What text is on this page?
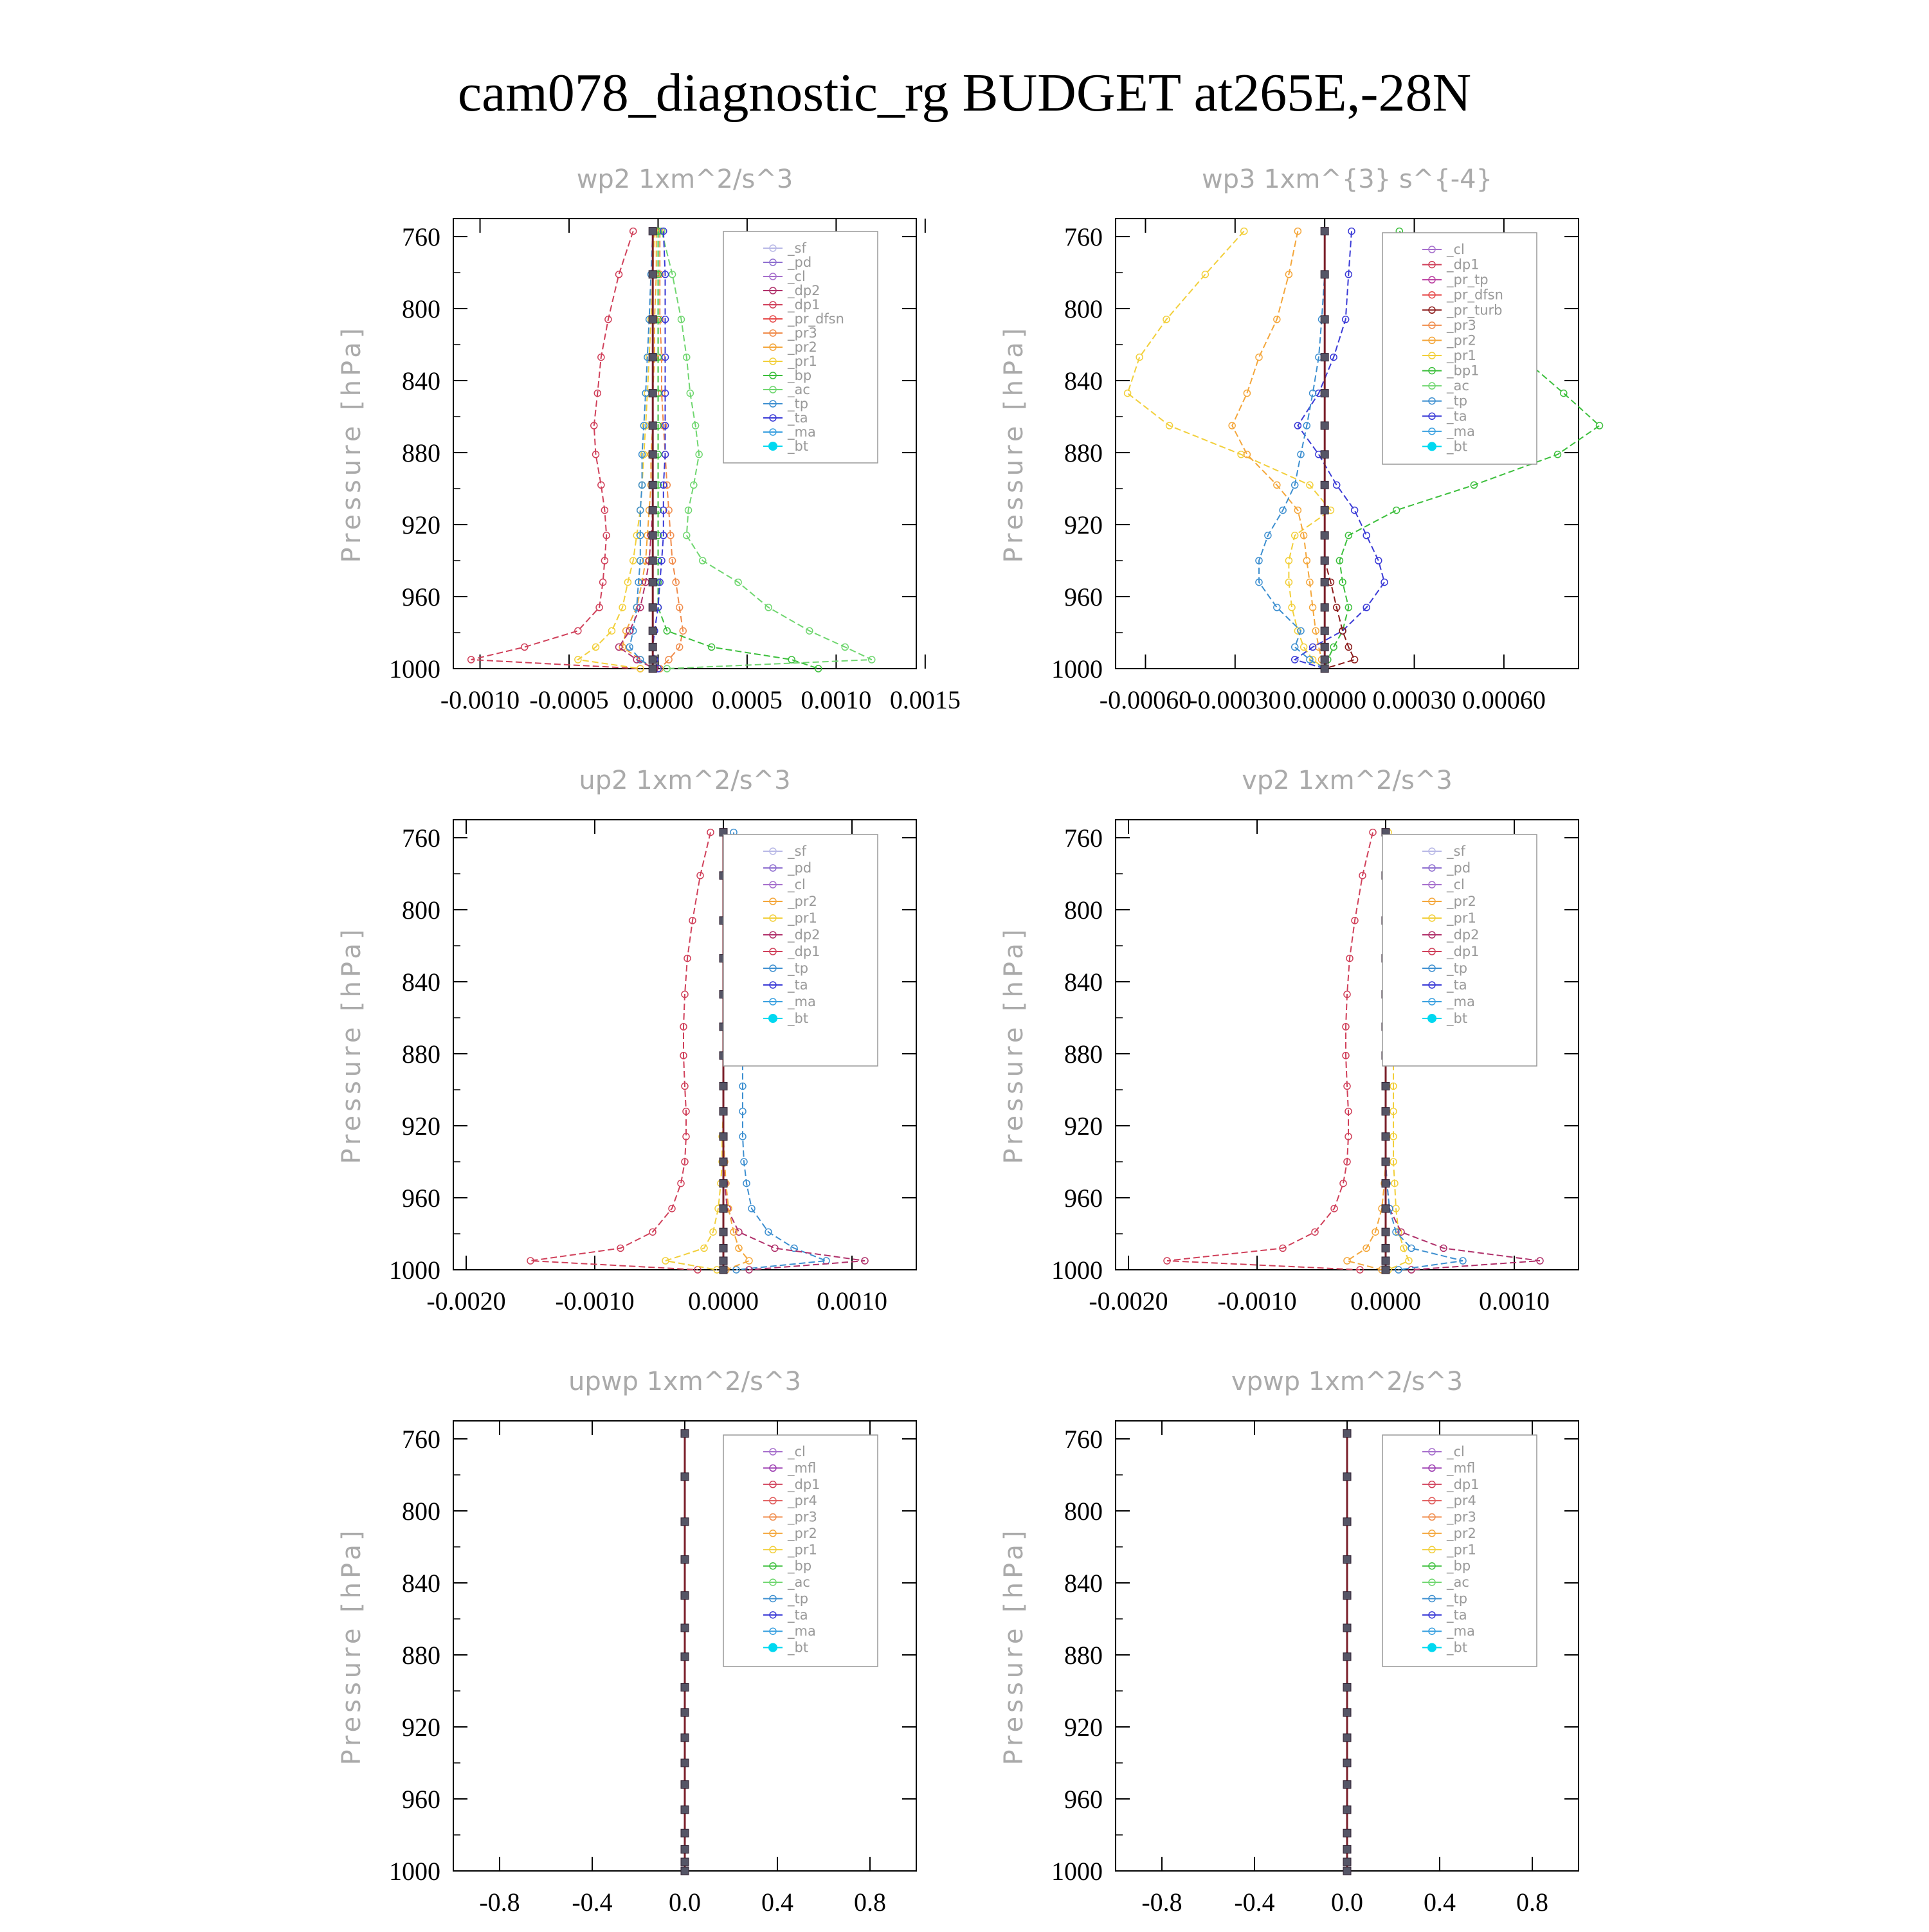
cam078_diagnostic_rg BUDGET at265E,-28N
wp2 1xm^2/s^3
Pressure [hPa]
760
800
840
880
920
960
1000
-0.0010 -0.0005 0.0000 0.0005 0.0010 0.0015
_sf
_pd
_cl
_dp2
_dp1
_pr_dfsn
_pr3
_pr2
_pr1
_bp
_ac
_tp
_ta
_ma
_bt
wp3 1xm^{3} s^{-4}
Pressure [hPa]
760
800
840
880
920
960
1000
-0.00060
-0.00030 0.00000 0.00030 0.00060
_cl
_dp1
_pr_tp
_pr_dfsn
_pr_turb
_pr3
_pr2
_pr1
_bp1
_ac
_tp
_ta
_ma
_bt
up2 1xm^2/s^3
Pressure [hPa]
760
800
840
880
920
960
1000
-0.0020 -0.0010 0.0000 0.0010
_sf
_pd
_cl
_pr2
_pr1
_dp2
_dp1
_tp
_ta
_ma
_bt
vp2 1xm^2/s^3
Pressure [hPa]
760
800
840
880
920
960
1000
-0.0020 -0.0010 0.0000 0.0010
_sf
_pd
_cl
_pr2
_pr1
_dp2
_dp1
_tp
_ta
_ma
_bt
upwp 1xm^2/s^3
Pressure [hPa]
760
800
840
880
920
960
1000
-0.8 -0.4 0.0 0.4 0.8
_cl
_mfl
_dp1
_pr4
_pr3
_pr2
_pr1
_bp
_ac
_tp
_ta
_ma
_bt
vpwp 1xm^2/s^3
Pressure [hPa]
760
800
840
880
920
960
1000
-0.8 -0.4 0.0 0.4 0.8
_cl
_mfl
_dp1
_pr4
_pr3
_pr2
_pr1
_bp
_ac
_tp
_ta
_ma
_bt
